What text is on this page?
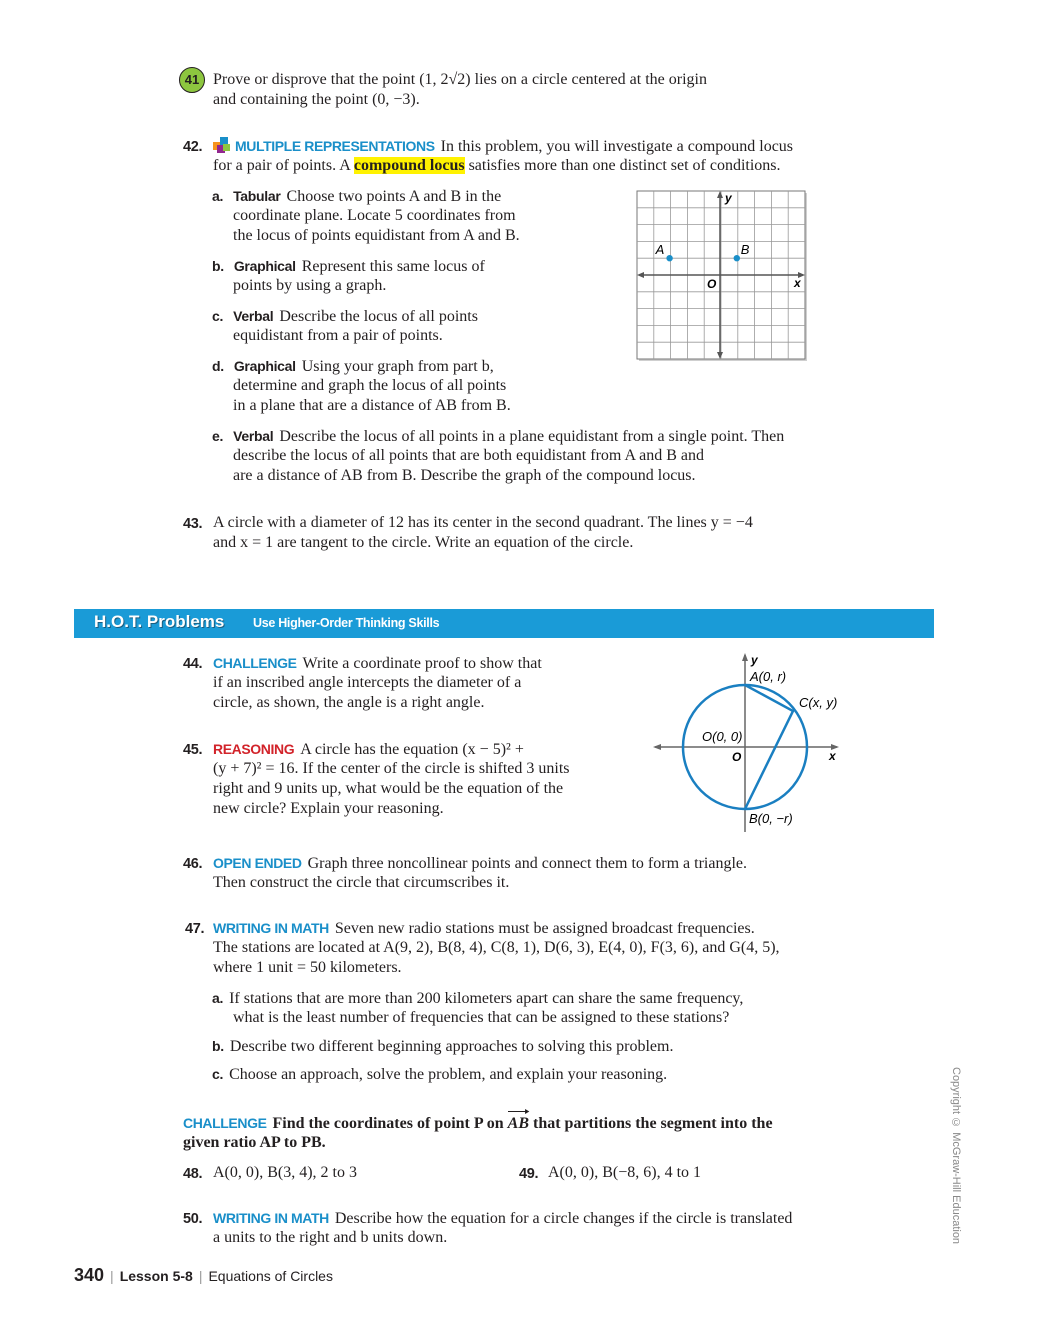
41 Prove or disprove that the point (1, 2√2) lies on a circle centered at the origin
and containing the point (0, −3).
42.	MULTIPLE REPRESENTATIONS In this problem, you will investigate a compound locus
for a pair of points. A compound locus satisfies more than one distinct set of conditions.
a. Tabular Choose two points A and B in the
coordinate plane. Locate 5 coordinates from
the locus of points equidistant from A and B.
b. Graphical Represent this same locus of
points by using a graph.
c. Verbal Describe the locus of all points
equidistant from a pair of points.
d. Graphical Using your graph from part b,
determine and graph the locus of all points
in a plane that are a distance of AB from B.
e. Verbal Describe the locus of all points in a plane equidistant from a single point. Then
describe the locus of all points that are both equidistant from A and B and
are a distance of AB from B. Describe the graph of the compound locus.
A	B
O	x
y
43. A circle with a diameter of 12 has its center in the second quadrant. The lines y = −4
and x = 1 are tangent to the circle. Write an equation of the circle.
H.O.T. Problems Use Higher-Order Thinking Skills
44. CHALLENGE Write a coordinate proof to show that
if an inscribed angle intercepts the diameter of a
circle, as shown, the angle is a right angle.
A(0, r)
C(x, y)
O(0, 0)
O	x
y
B(0, −r)
45. REASONING A circle has the equation (x − 5)² +
(y + 7)² = 16. If the center of the circle is shifted 3 units
right and 9 units up, what would be the equation of the
new circle? Explain your reasoning.
46. OPEN ENDED Graph three noncollinear points and connect them to form a triangle.
Then construct the circle that circumscribes it.
47. WRITING IN MATH Seven new radio stations must be assigned broadcast frequencies.
The stations are located at A(9, 2), B(8, 4), C(8, 1), D(6, 3), E(4, 0), F(3, 6), and G(4, 5),
where 1 unit = 50 kilometers.
a. If stations that are more than 200 kilometers apart can share the same frequency,
what is the least number of frequencies that can be assigned to these stations?
b. Describe two different beginning approaches to solving this problem.
c. Choose an approach, solve the problem, and explain your reasoning.
CHALLENGE Find the coordinates of point P on
AB that partitions the segment into the
given ratio AP to PB.
48. A(0, 0), B(3, 4), 2 to 3	49. A(0, 0), B(−8, 6), 4 to 1
50. WRITING IN MATH Describe how the equation for a circle changes if the circle is translated
a units to the right and b units down.
340 | Lesson 5-8 | Equations of Circles
Copyright © McGraw-Hill Education
